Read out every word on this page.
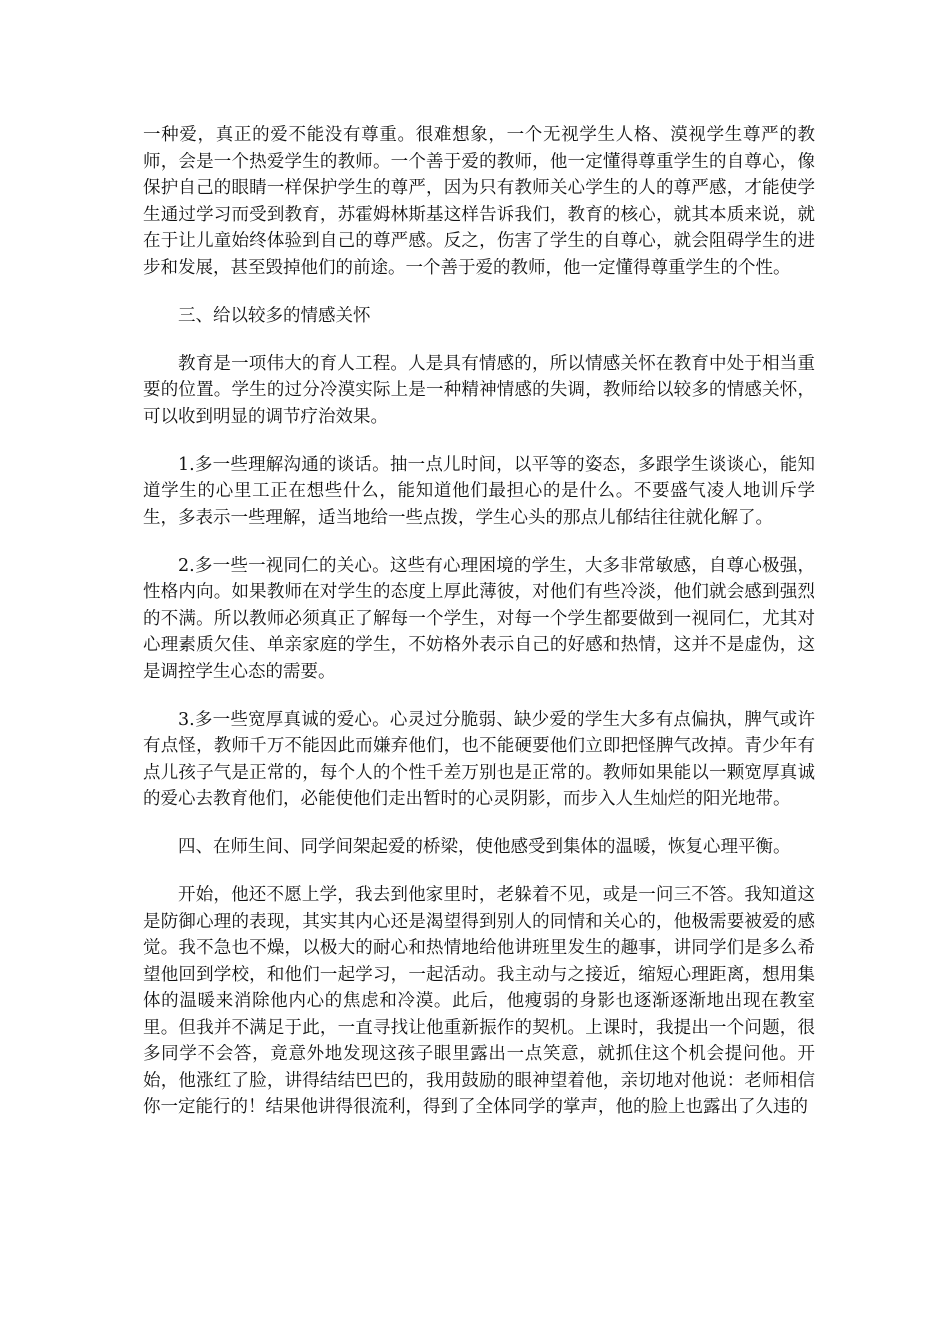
一种爱，真正的爱不能没有尊重。很难想象，一个无视学生人格、漠视学生尊严的教师，会是一个热爱学生的教师。一个善于爱的教师，他一定懂得尊重学生的自尊心，像保护自己的眼睛一样保护学生的尊严，因为只有教师关心学生的人的尊严感，才能使学生通过学习而受到教育，苏霍姆林斯基这样告诉我们，教育的核心，就其本质来说，就在于让儿童始终体验到自己的尊严感。反之，伤害了学生的自尊心，就会阻碍学生的进步和发展，甚至毁掉他们的前途。一个善于爱的教师，他一定懂得尊重学生的个性。

三、给以较多的情感关怀

教育是一项伟大的育人工程。人是具有情感的，所以情感关怀在教育中处于相当重要的位置。学生的过分冷漠实际上是一种精神情感的失调，教师给以较多的情感关怀，可以收到明显的调节疗治效果。

1.多一些理解沟通的谈话。抽一点儿时间，以平等的姿态，多跟学生谈谈心，能知道学生的心里工正在想些什么，能知道他们最担心的是什么。不要盛气凌人地训斥学生，多表示一些理解，适当地给一些点拨，学生心头的那点儿郁结往往就化解了。

2.多一些一视同仁的关心。这些有心理困境的学生，大多非常敏感，自尊心极强，性格内向。如果教师在对学生的态度上厚此薄彼，对他们有些冷淡，他们就会感到强烈的不满。所以教师必须真正了解每一个学生，对每一个学生都要做到一视同仁，尤其对心理素质欠佳、单亲家庭的学生，不妨格外表示自己的好感和热情，这并不是虚伪，这是调控学生心态的需要。

3.多一些宽厚真诚的爱心。心灵过分脆弱、缺少爱的学生大多有点偏执，脾气或许有点怪，教师千万不能因此而嫌弃他们，也不能硬要他们立即把怪脾气改掉。青少年有点儿孩子气是正常的，每个人的个性千差万别也是正常的。教师如果能以一颗宽厚真诚的爱心去教育他们，必能使他们走出暂时的心灵阴影，而步入人生灿烂的阳光地带。

四、在师生间、同学间架起爱的桥梁，使他感受到集体的温暖，恢复心理平衡。

开始，他还不愿上学，我去到他家里时，老躲着不见，或是一问三不答。我知道这是防御心理的表现，其实其内心还是渴望得到别人的同情和关心的，他极需要被爱的感觉。我不急也不燥，以极大的耐心和热情地给他讲班里发生的趣事，讲同学们是多么希望他回到学校，和他们一起学习，一起活动。我主动与之接近，缩短心理距离，想用集体的温暖来消除他内心的焦虑和冷漠。此后，他瘦弱的身影也逐渐逐渐地出现在教室里。但我并不满足于此，一直寻找让他重新振作的契机。上课时，我提出一个问题，很多同学不会答，竟意外地发现这孩子眼里露出一点笑意，就抓住这个机会提问他。开始，他涨红了脸，讲得结结巴巴的，我用鼓励的眼神望着他，亲切地对他说：老师相信你一定能行的！结果他讲得很流利，得到了全体同学的掌声，他的脸上也露出了久违的
